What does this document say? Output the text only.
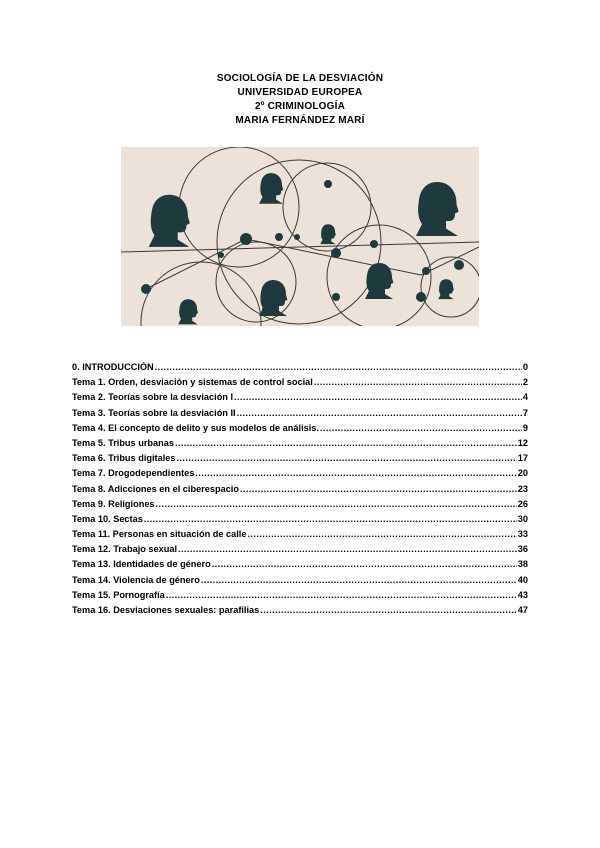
SOCIOLOGÍA DE LA DESVIACIÓN
UNIVERSIDAD EUROPEA
2º CRIMINOLOGÍA
MARIA FERNÁNDEZ MARÍ
0. INTRODUCCIÓN .....	0
Tema 1. Orden, desviación y sistemas de control social .....	2
Tema 2. Teorías sobre la desviación I .....	4
Tema 3. Teorías sobre la desviación II .....	7
Tema 4. El concepto de delito y sus modelos de análisis. .....	9
Tema 5. Tribus urbanas .....	12
Tema 6. Tribus digitales .....	17
Tema 7. Drogodependientes .....	20
Tema 8. Adicciones en el ciberespacio .....	23
Tema 9. Religiones .....	26
Tema 10. Sectas .....	30
Tema 11. Personas en situación de calle .....	33
Tema 12. Trabajo sexual .....	36
Tema 13. Identidades de género .....	38
Tema 14. Violencia de género .....	40
Tema 15. Pornografía .....	43
Tema 16. Desviaciones sexuales: parafilias .....	47
